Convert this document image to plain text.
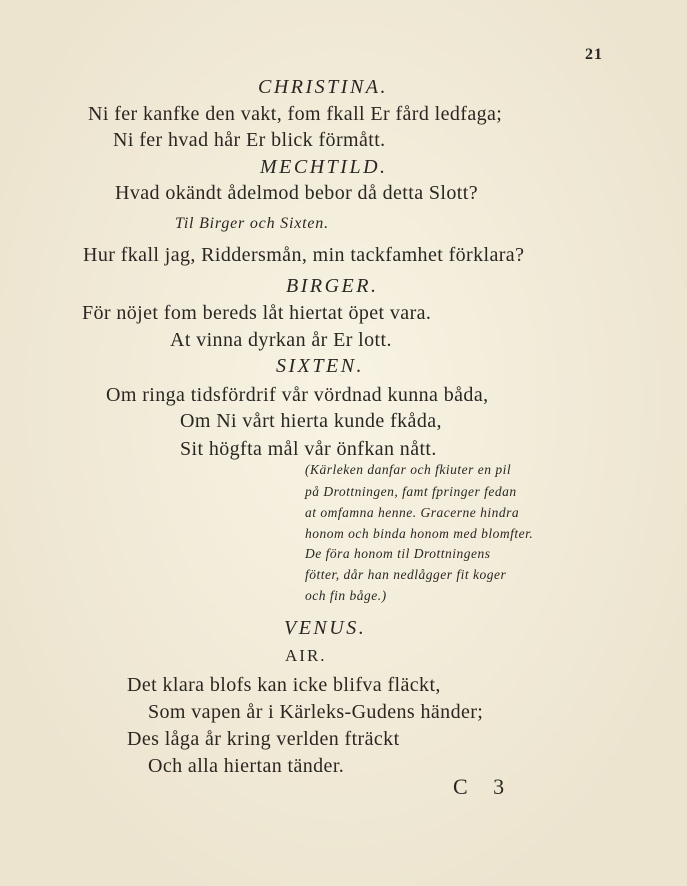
21
CHRISTINA.
Ni fer kanfke den vakt, fom fkall Er fård ledfaga;
Ni fer hvad hår Er blick förmått.
MECHTILD.
Hvad okändt ådelmod bebor då detta Slott?
Til Birger och Sixten.
Hur fkall jag, Riddersmån, min tackfamhet förklara?
BIRGER.
För nöjet fom bereds låt hiertat öpet vara.
At vinna dyrkan år Er lott.
SIXTEN.
Om ringa tidsfördrif vår vördnad kunna båda,
Om Ni vårt hierta kunde fkåda,
Sit högfta mål vår önfkan nått.
(Kärleken danfar och fkiuter en pil
på Drottningen, famt fpringer fedan
at omfamna henne. Gracerne hindra
honom och binda honom med blomfter.
De föra honom til Drottningens
fötter, dår han nedlågger fit koger
och fin båge.)
VENUS.
AIR.
Det klara blofs kan icke blifva fläckt,
Som vapen år i Kärleks-Gudens händer;
Des låga år kring verlden fträckt
Och alla hiertan tänder.
C 3
